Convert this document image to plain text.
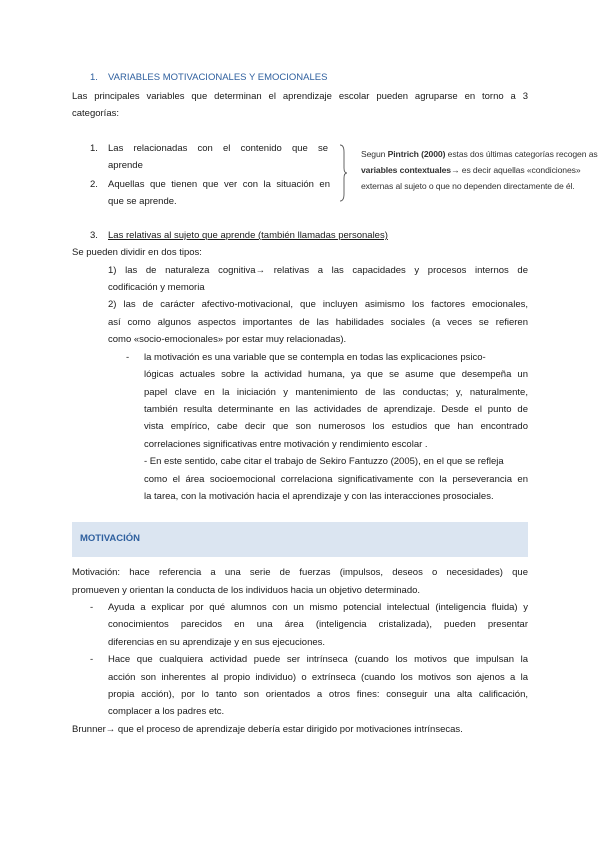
1. VARIABLES MOTIVACIONALES Y EMOCIONALES
Las principales variables que determinan el aprendizaje escolar pueden agruparse en torno a 3
categorías:
1. Las relacionadas con el contenido que se
aprende
2. Aquellas que tienen que ver con la situación en
que se aprende.
Segun Pintrich (2000) estas dos últimas categorías recogen as
variables contextuales→ es decir aquellas «condiciones»
externas al sujeto o que no dependen directamente de él.
3. Las relativas al sujeto que aprende (también llamadas personales)
Se pueden dividir en dos tipos:
1) las de naturaleza cognitiva→ relativas a las capacidades y procesos internos de
codificación y memoria
2) las de carácter afectivo-motivacional, que incluyen asimismo los factores emocionales,
así como algunos aspectos importantes de las habilidades sociales (a veces se refieren
como «socio-emocionales» por estar muy relacionadas).
- la motivación es una variable que se contempla en todas las explicaciones psico-
lógicas actuales sobre la actividad humana, ya que se asume que desempeña un
papel clave en la iniciación y mantenimiento de las conductas; y, naturalmente,
también resulta determinante en las actividades de aprendizaje. Desde el punto de
vista empírico, cabe decir que son numerosos los estudios que han encontrado
correlaciones significativas entre motivación y rendimiento escolar .
- En este sentido, cabe citar el trabajo de Sekiro Fantuzzo (2005), en el que se refleja
como el área socioemocional correlaciona significativamente con la perseverancia en
la tarea, con la motivación hacia el aprendizaje y con las interacciones prosociales.
MOTIVACIÓN
Motivación: hace referencia a una serie de fuerzas (impulsos, deseos o necesidades) que
promueven y orientan la conducta de los individuos hacia un objetivo determinado.
- Ayuda a explicar por qué alumnos con un mismo potencial intelectual (inteligencia fluida) y
conocimientos parecidos en una área (inteligencia cristalizada), pueden presentar
diferencias en su aprendizaje y en sus ejecuciones.
- Hace que cualquiera actividad puede ser intrínseca (cuando los motivos que impulsan la
acción son inherentes al propio individuo) o extrínseca (cuando los motivos son ajenos a la
propia acción), por lo tanto son orientados a otros fines: conseguir una alta calificación,
complacer a los padres etc.
Brunner→ que el proceso de aprendizaje debería estar dirigido por motivaciones intrínsecas.
